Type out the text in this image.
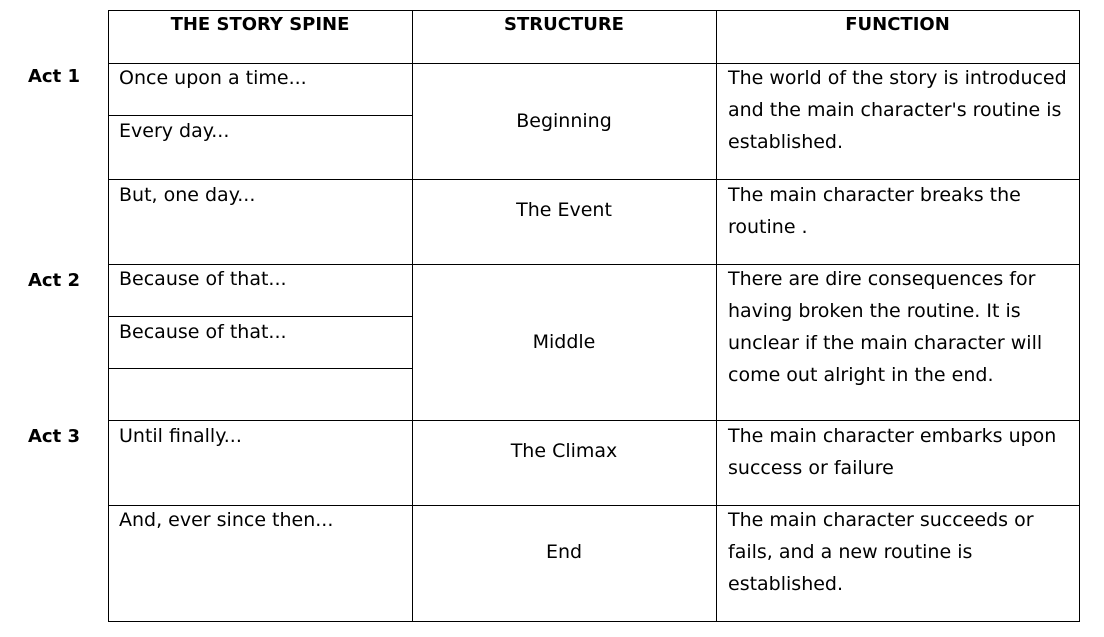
Act 1
Act 2
Act 3
THE STORY SPINE	STRUCTURE	FUNCTION
Once upon a time...
Every day...
But, one day...
Because of that...
Because of that...
Until finally...
And, ever since then...
Beginning
The Event
Middle
The Climax
End
The world of the story is introduced
and the main character's routine is
established.
The main character breaks the
routine .
There are dire consequences for
having broken the routine. It is
unclear if the main character will
come out alright in the end.
The main character embarks upon
success or failure
The main character succeeds or
fails, and a new routine is
established.
